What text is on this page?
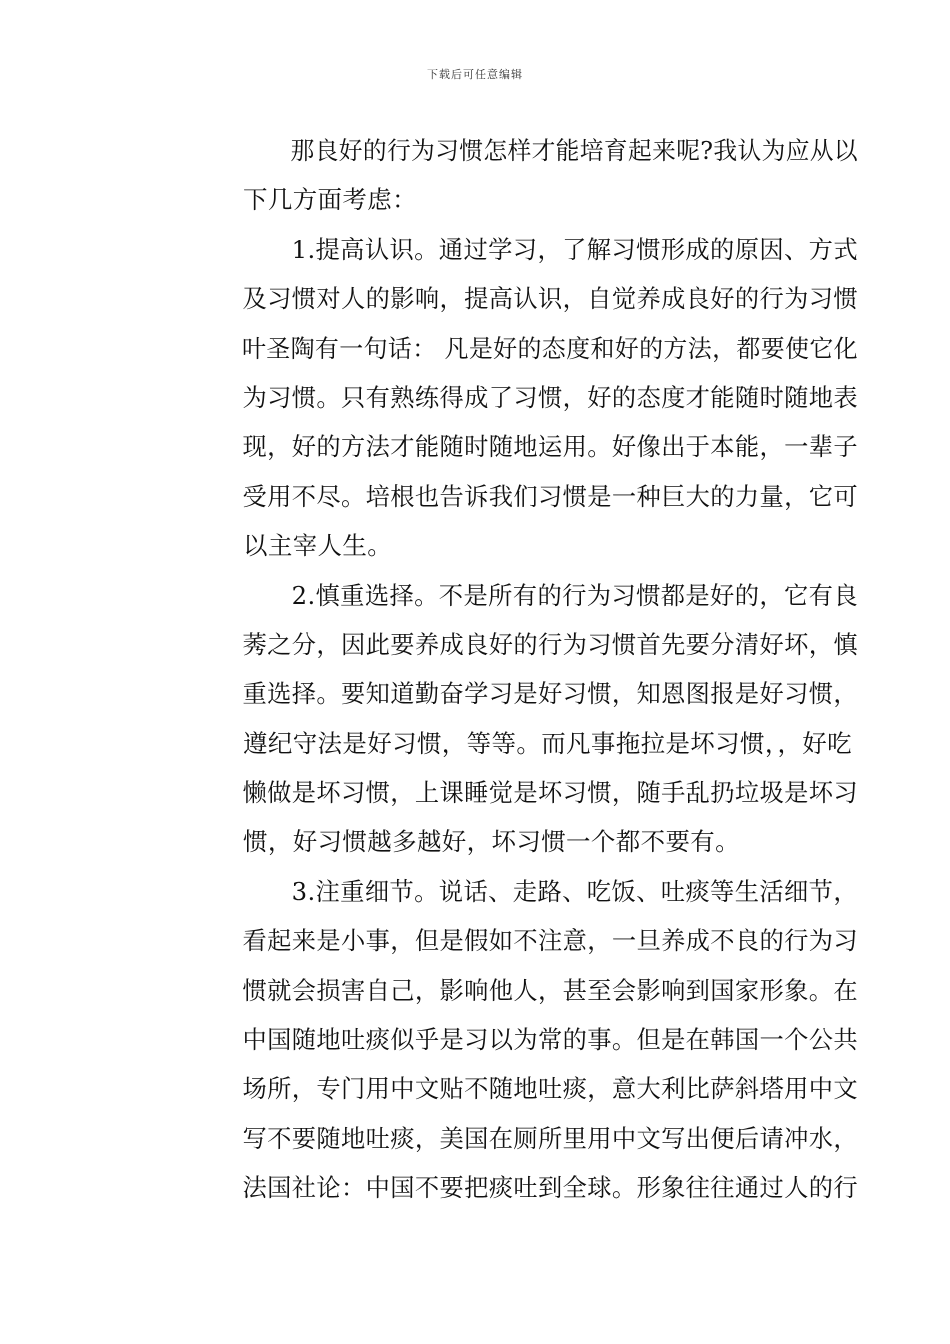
下载后可任意编辑
那良好的行为习惯怎样才能培育起来呢?我认为应从以
下几方面考虑：
1.提高认识。通过学习，了解习惯形成的原因、方式
及习惯对人的影响，提高认识，自觉养成良好的行为习惯
叶圣陶有一句话： 凡是好的态度和好的方法，都要使它化
为习惯。只有熟练得成了习惯，好的态度才能随时随地表
现，好的方法才能随时随地运用。好像出于本能，一辈子
受用不尽。培根也告诉我们习惯是一种巨大的力量，它可
以主宰人生。
2.慎重选择。不是所有的行为习惯都是好的，它有良
莠之分，因此要养成良好的行为习惯首先要分清好坏，慎
重选择。要知道勤奋学习是好习惯，知恩图报是好习惯，
遵纪守法是好习惯，等等。而凡事拖拉是坏习惯，，好吃
懒做是坏习惯，上课睡觉是坏习惯，随手乱扔垃圾是坏习
惯，好习惯越多越好，坏习惯一个都不要有。
3.注重细节。说话、走路、吃饭、吐痰等生活细节，
看起来是小事，但是假如不注意，一旦养成不良的行为习
惯就会损害自己，影响他人，甚至会影响到国家形象。在
中国随地吐痰似乎是习以为常的事。但是在韩国一个公共
场所，专门用中文贴不随地吐痰，意大利比萨斜塔用中文
写不要随地吐痰，美国在厕所里用中文写出便后请冲水，
法国社论：中国不要把痰吐到全球。形象往往通过人的行
